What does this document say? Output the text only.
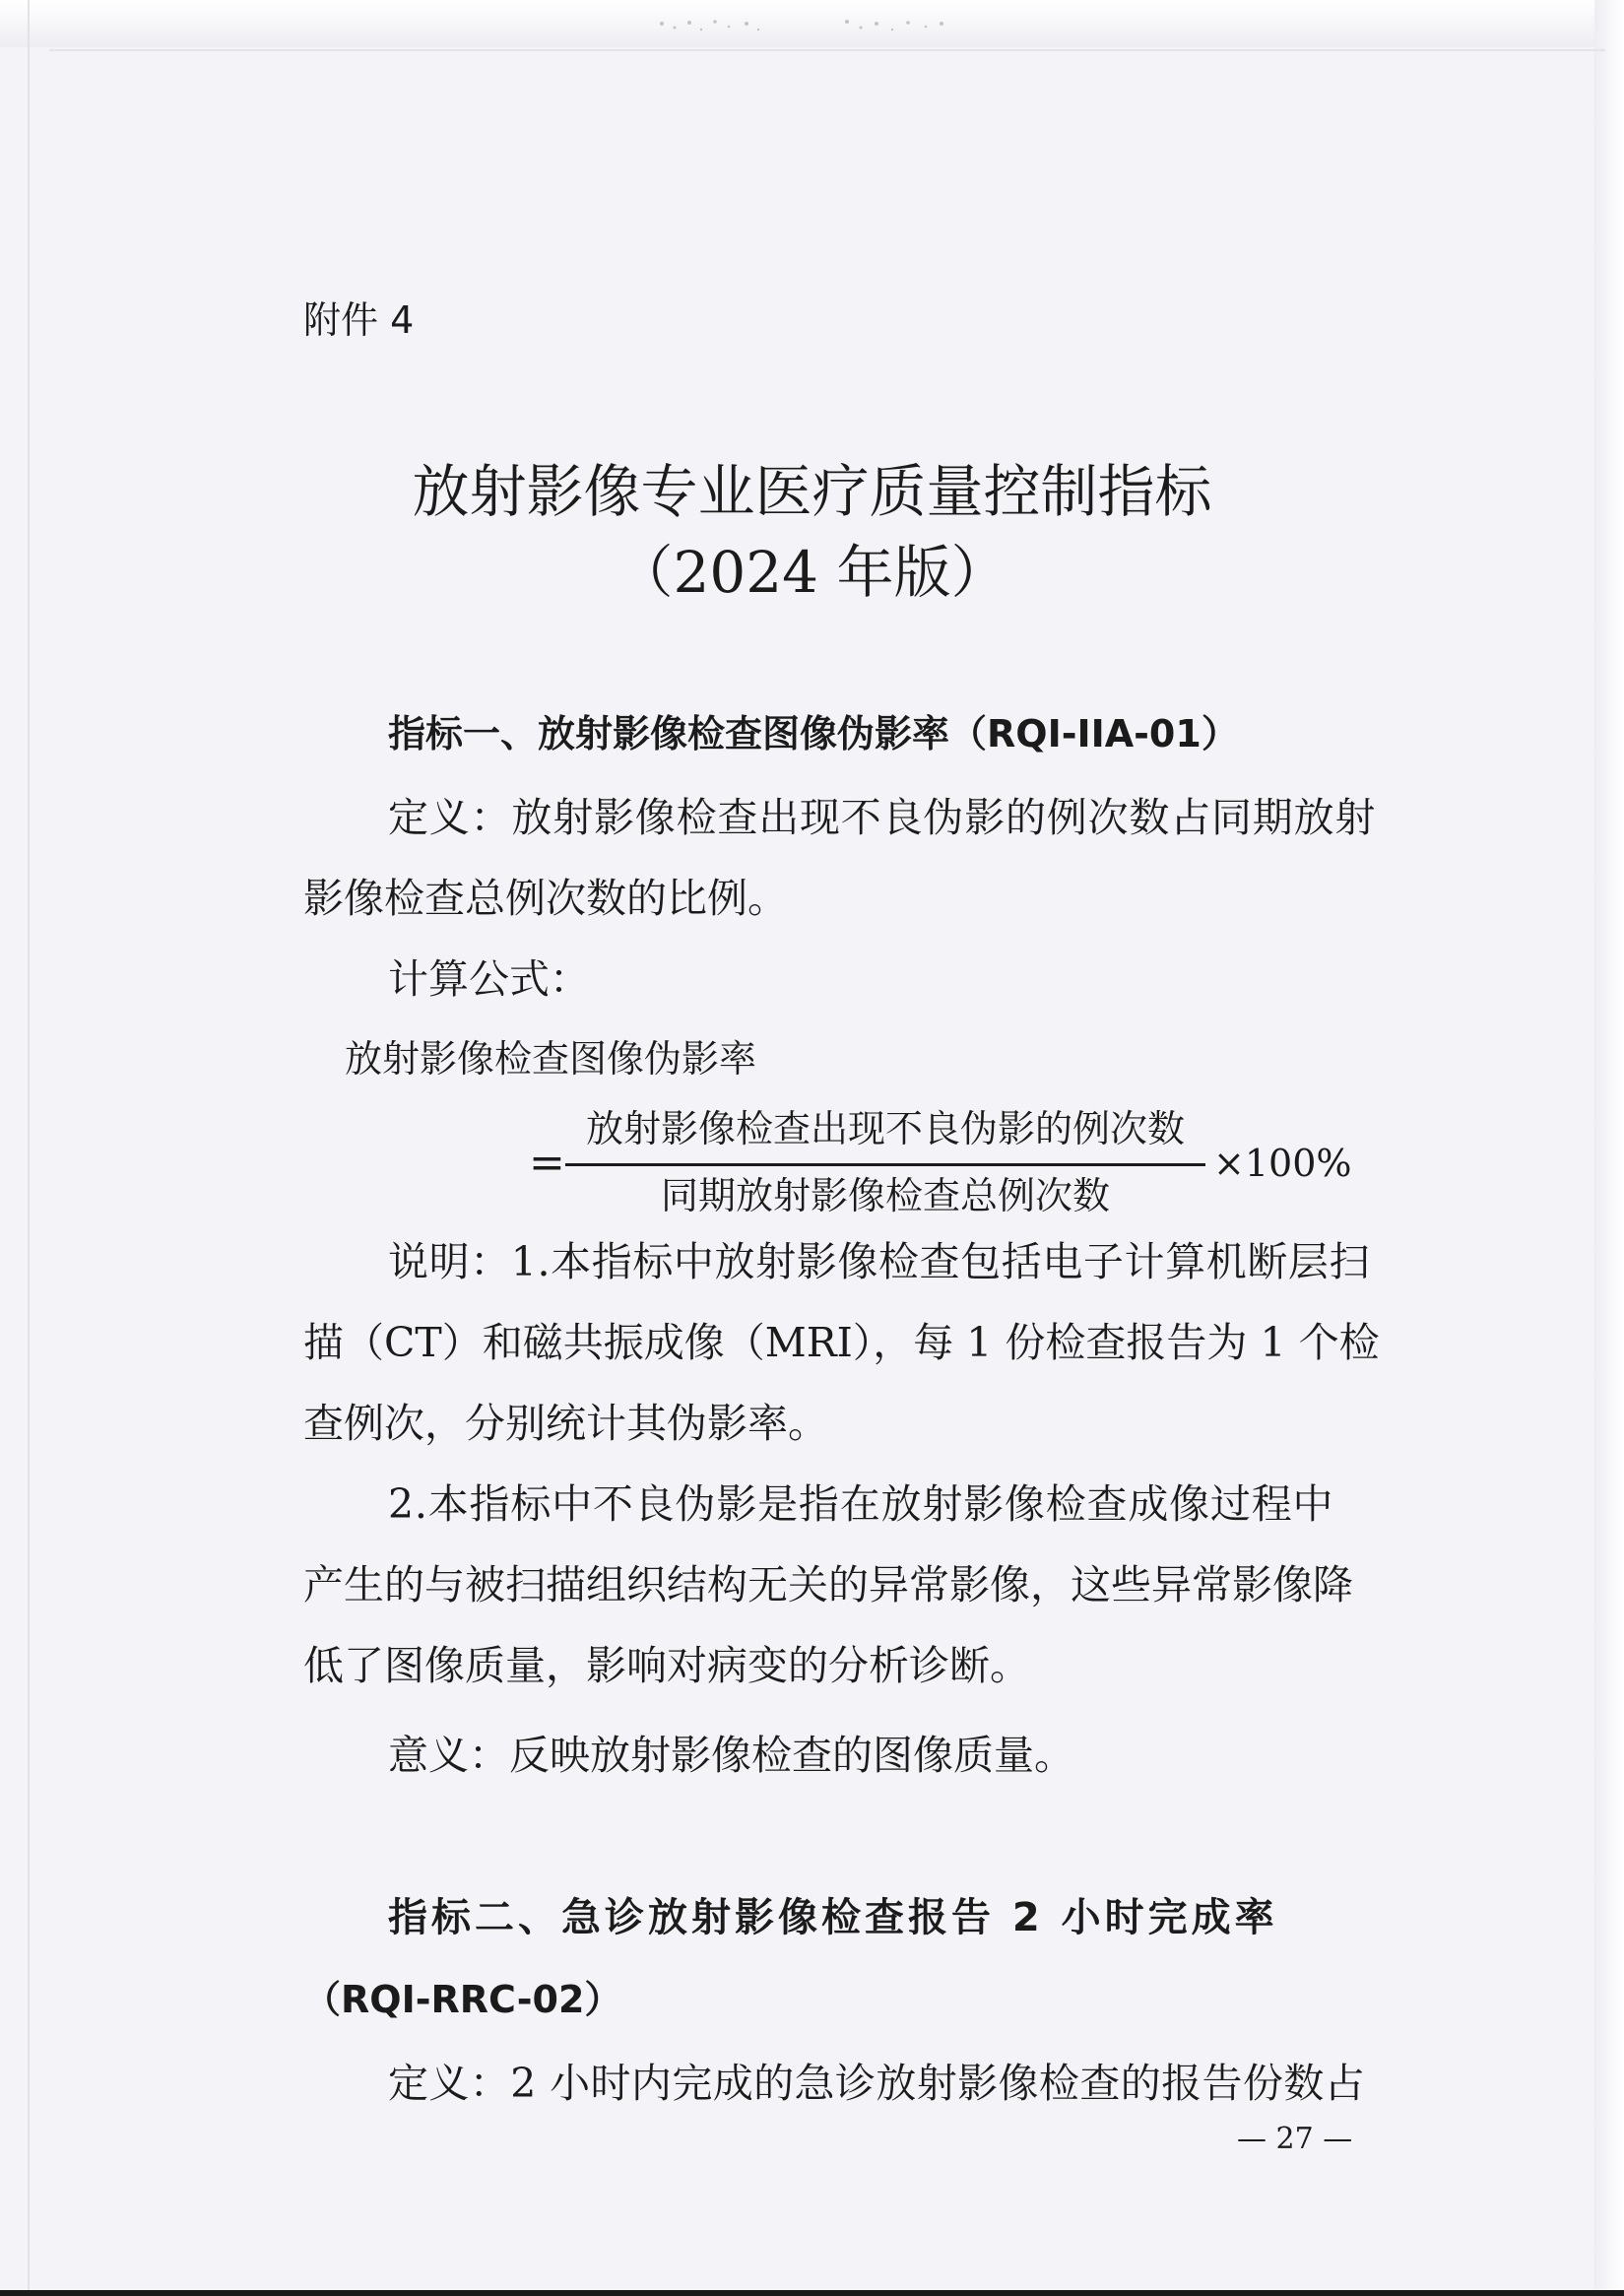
附件 4

放射影像专业医疗质量控制指标

（2024 年版）

指标一、放射影像检查图像伪影率（RQI-IIA-01）

定义：放射影像检查出现不良伪影的例次数占同期放射

影像检查总例次数的比例。

计算公式：

放射影像检查图像伪影率

=
放射影像检查出现不良伪影的例次数
同期放射影像检查总例次数
×100%

说明：1.本指标中放射影像检查包括电子计算机断层扫

描（CT）和磁共振成像（MRI），每 1 份检查报告为 1 个检

查例次，分别统计其伪影率。

2.本指标中不良伪影是指在放射影像检查成像过程中

产生的与被扫描组织结构无关的异常影像，这些异常影像降

低了图像质量，影响对病变的分析诊断。

意义：反映放射影像检查的图像质量。

指标二、急诊放射影像检查报告 2 小时完成率

（RQI-RRC-02）

定义：2 小时内完成的急诊放射影像检查的报告份数占

— 27 —
